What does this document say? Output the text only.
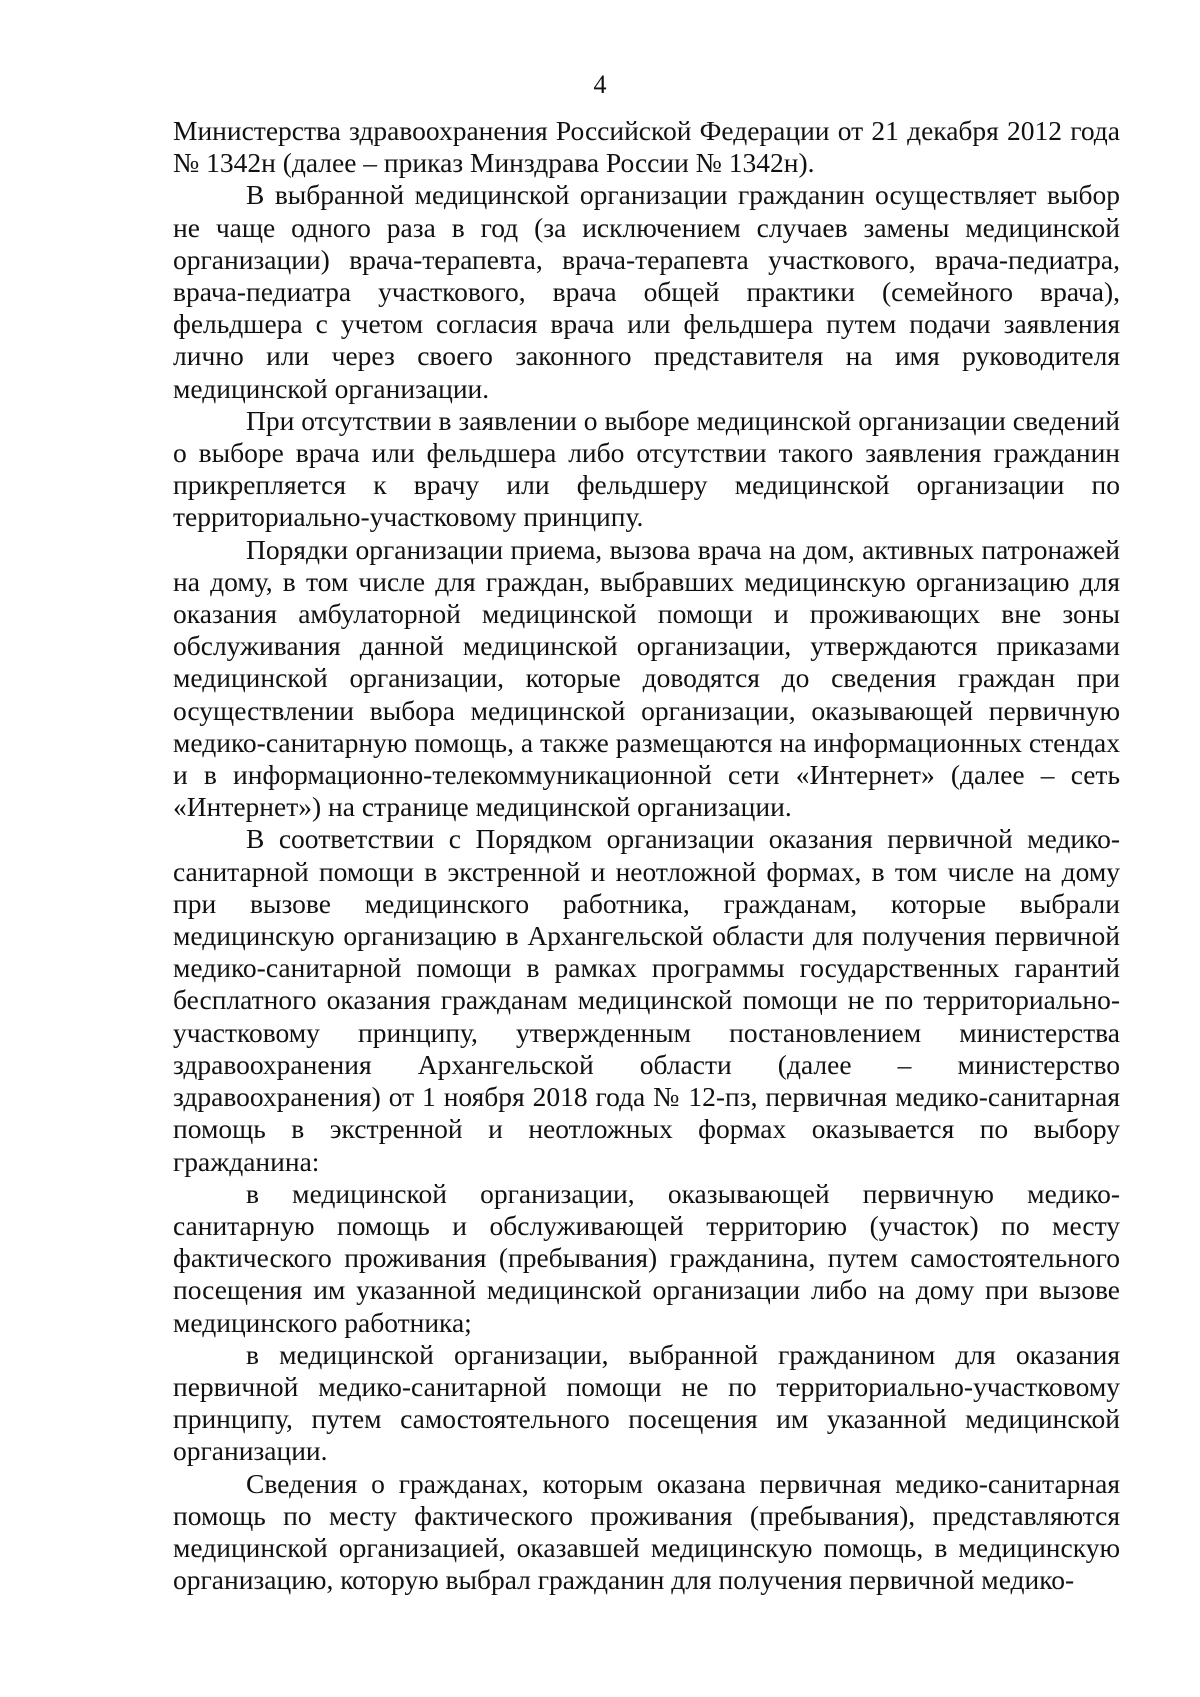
4

Министерства здравоохранения Российской Федерации от 21 декабря 2012 года № 1342н (далее – приказ Минздрава России № 1342н).

В выбранной медицинской организации гражданин осуществляет выбор не чаще одного раза в год (за исключением случаев замены медицинской организации) врача-терапевта, врача-терапевта участкового, врача-педиатра, врача-педиатра участкового, врача общей практики (семейного врача), фельдшера с учетом согласия врача или фельдшера путем подачи заявления лично или через своего законного представителя на имя руководителя медицинской организации.

При отсутствии в заявлении о выборе медицинской организации сведений о выборе врача или фельдшера либо отсутствии такого заявления гражданин прикрепляется к врачу или фельдшеру медицинской организации по территориально-участковому принципу.

Порядки организации приема, вызова врача на дом, активных патронажей на дому, в том числе для граждан, выбравших медицинскую организацию для оказания амбулаторной медицинской помощи и проживающих вне зоны обслуживания данной медицинской организации, утверждаются приказами медицинской организации, которые доводятся до сведения граждан при осуществлении выбора медицинской организации, оказывающей первичную медико-санитарную помощь, а также размещаются на информационных стендах и в информационно-телекоммуникационной сети «Интернет» (далее – сеть «Интернет») на странице медицинской организации.

В соответствии с Порядком организации оказания первичной медико-санитарной помощи в экстренной и неотложной формах, в том числе на дому при вызове медицинского работника, гражданам, которые выбрали медицинскую организацию в Архангельской области для получения первичной медико-санитарной помощи в рамках программы государственных гарантий бесплатного оказания гражданам медицинской помощи не по территориально-участковому принципу, утвержденным постановлением министерства здравоохранения Архангельской области (далее – министерство здравоохранения) от 1 ноября 2018 года № 12-пз, первичная медико-санитарная помощь в экстренной и неотложных формах оказывается по выбору гражданина:

в медицинской организации, оказывающей первичную медико-санитарную помощь и обслуживающей территорию (участок) по месту фактического проживания (пребывания) гражданина, путем самостоятельного посещения им указанной медицинской организации либо на дому при вызове медицинского работника;

в медицинской организации, выбранной гражданином для оказания первичной медико-санитарной помощи не по территориально-участковому принципу, путем самостоятельного посещения им указанной медицинской организации.

Сведения о гражданах, которым оказана первичная медико-санитарная помощь по месту фактического проживания (пребывания), представляются медицинской организацией, оказавшей медицинскую помощь, в медицинскую организацию, которую выбрал гражданин для получения первичной медико-
